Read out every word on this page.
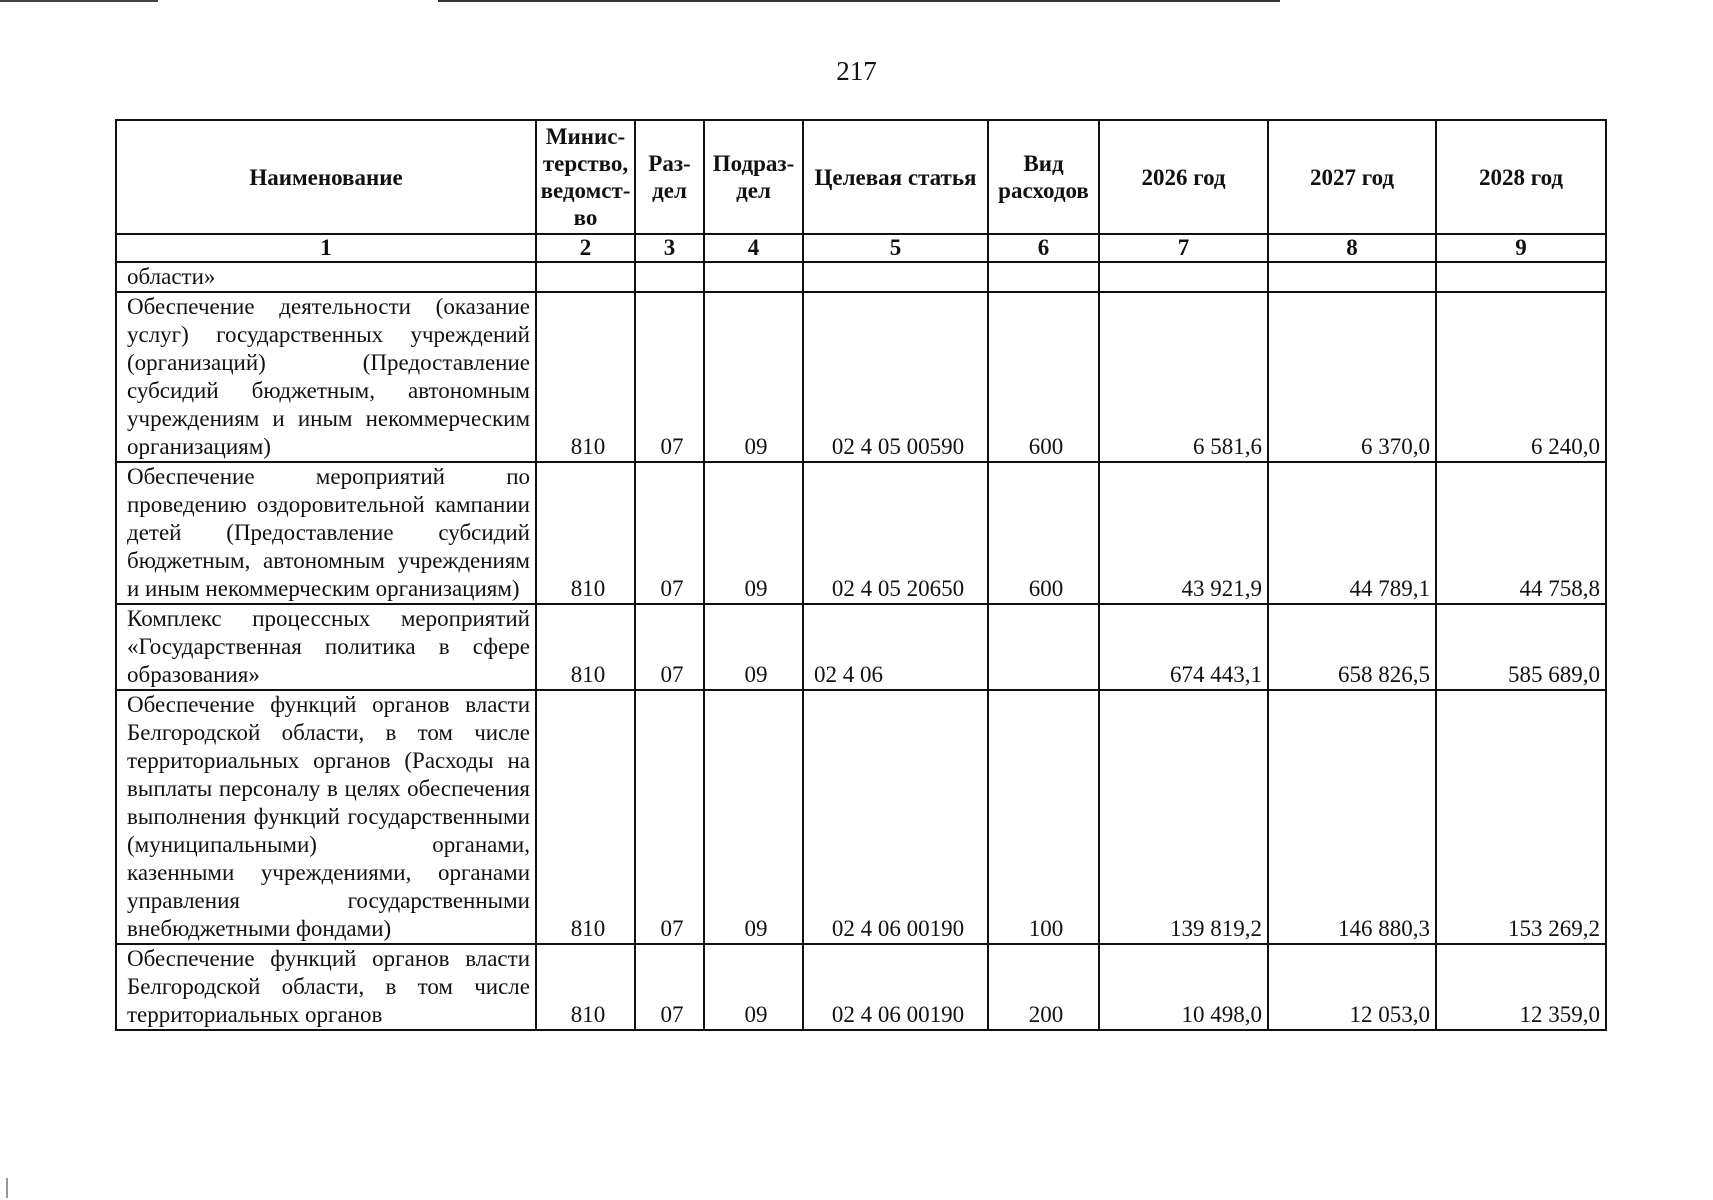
217
Наименование	Минис-терство, ведомст-во	Раз-дел	Подраз-дел	Целевая статья	Вид расходов	2026 год	2027 год	2028 год
1	2	3	4	5	6	7	8	9
области»								
Обеспечение деятельности (оказание услуг) государственных учреждений (организаций) (Предоставление субсидий бюджетным, автономным учреждениям и иным некоммерческим организациям)	810	07	09	02 4 05 00590	600	6 581,6	6 370,0	6 240,0
Обеспечение мероприятий по проведению оздоровительной кампании детей (Предоставление субсидий бюджетным, автономным учреждениям и иным некоммерческим организациям)	810	07	09	02 4 05 20650	600	43 921,9	44 789,1	44 758,8
Комплекс процессных мероприятий «Государственная политика в сфере образования»	810	07	09	02 4 06		674 443,1	658 826,5	585 689,0
Обеспечение функций органов власти Белгородской области, в том числе территориальных органов (Расходы на выплаты персоналу в целях обеспечения выполнения функций государственными (муниципальными) органами, казенными учреждениями, органами управления государственными внебюджетными фондами)	810	07	09	02 4 06 00190	100	139 819,2	146 880,3	153 269,2
Обеспечение функций органов власти Белгородской области, в том числе территориальных органов	810	07	09	02 4 06 00190	200	10 498,0	12 053,0	12 359,0
